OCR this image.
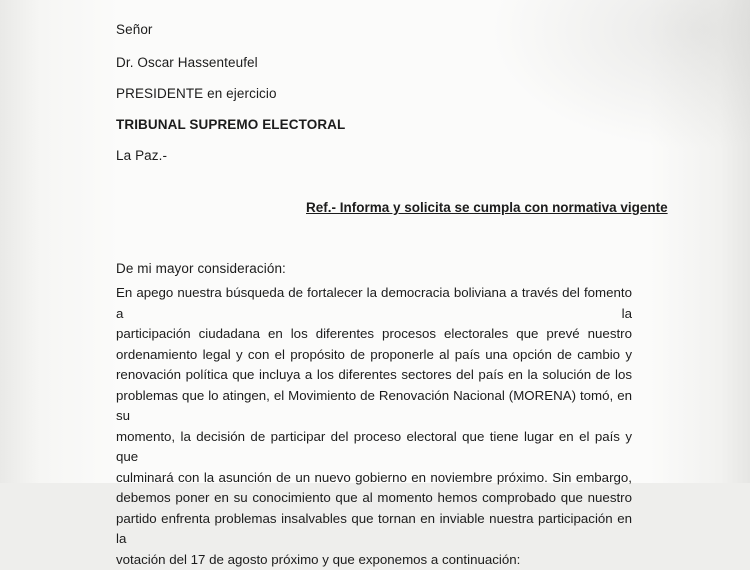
Señor
Dr. Oscar Hassenteufel
PRESIDENTE en ejercicio
TRIBUNAL SUPREMO ELECTORAL
La Paz.-
Ref.- Informa y solicita se cumpla con normativa vigente
De mi mayor consideración:
En apego nuestra búsqueda de fortalecer la democracia boliviana a través del fomento a la
participación ciudadana en los diferentes procesos electorales que prevé nuestro
ordenamiento legal y con el propósito de proponerle al país una opción de cambio y
renovación política que incluya a los diferentes sectores del país en la solución de los
problemas que lo atingen, el Movimiento de Renovación Nacional (MORENA) tomó, en su
momento, la decisión de participar del proceso electoral que tiene lugar en el país y que
culminará con la asunción de un nuevo gobierno en noviembre próximo. Sin embargo,
debemos poner en su conocimiento que al momento hemos comprobado que nuestro
partido enfrenta problemas insalvables que tornan en inviable nuestra participación en la
votación del 17 de agosto próximo y que exponemos a continuación:
